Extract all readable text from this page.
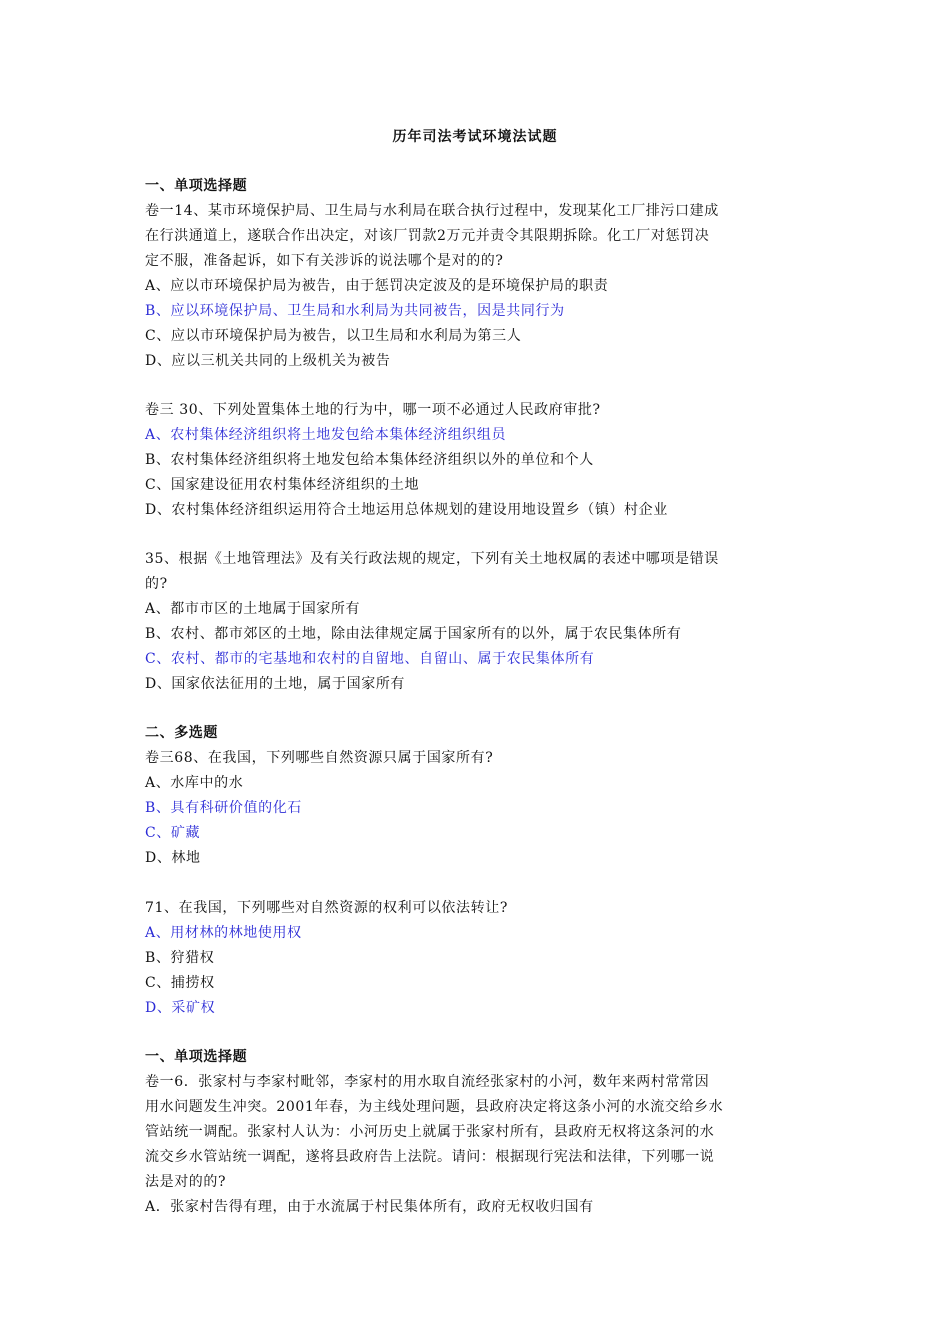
历年司法考试环境法试题
一、单项选择题
卷一14、某市环境保护局、卫生局与水利局在联合执行过程中，发现某化工厂排污口建成
在行洪通道上，遂联合作出决定，对该厂罚款2万元并责令其限期拆除。化工厂对惩罚决
定不服，准备起诉，如下有关涉诉的说法哪个是对的的?
A、应以市环境保护局为被告，由于惩罚决定波及的是环境保护局的职责
B、应以环境保护局、卫生局和水利局为共同被告，因是共同行为
C、应以市环境保护局为被告，以卫生局和水利局为第三人
D、应以三机关共同的上级机关为被告
卷三 30、下列处置集体土地的行为中，哪一项不必通过人民政府审批?
A、农村集体经济组织将土地发包给本集体经济组织组员
B、农村集体经济组织将土地发包给本集体经济组织以外的单位和个人
C、国家建设征用农村集体经济组织的土地
D、农村集体经济组织运用符合土地运用总体规划的建设用地设置乡（镇）村企业
35、根据《土地管理法》及有关行政法规的规定，下列有关土地权属的表述中哪项是错误
的?
A、都市市区的土地属于国家所有
B、农村、都市郊区的土地，除由法律规定属于国家所有的以外，属于农民集体所有
C、农村、都市的宅基地和农村的自留地、自留山、属于农民集体所有
D、国家依法征用的土地，属于国家所有
二、多选题
卷三68、在我国，下列哪些自然资源只属于国家所有?
A、水库中的水
B、具有科研价值的化石
C、矿藏
D、林地
71、在我国，下列哪些对自然资源的权利可以依法转让?
A、用材林的林地使用权
B、狩猎权
C、捕捞权
D、采矿权
一、单项选择题
卷一6．张家村与李家村毗邻，李家村的用水取自流经张家村的小河，数年来两村常常因
用水问题发生冲突。2001年春，为主线处理问题，县政府决定将这条小河的水流交给乡水
管站统一调配。张家村人认为：小河历史上就属于张家村所有，县政府无权将这条河的水
流交乡水管站统一调配，遂将县政府告上法院。请问：根据现行宪法和法律，下列哪一说
法是对的的?
A．张家村告得有理，由于水流属于村民集体所有，政府无权收归国有
